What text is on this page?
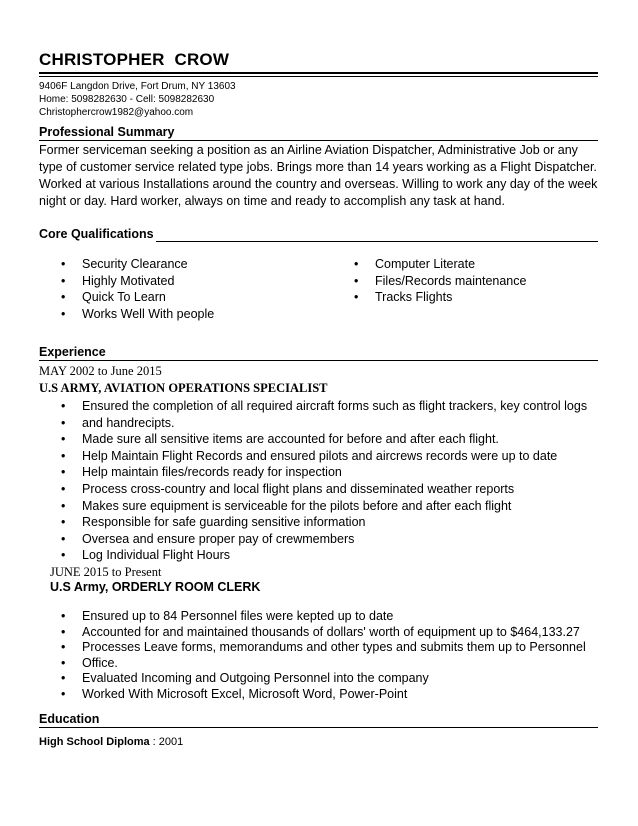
CHRISTOPHER  CROW
9406F Langdon Drive, Fort Drum, NY 13603
Home: 5098282630 - Cell: 5098282630
Christophercrow1982@yahoo.com
Professional Summary
Former serviceman seeking a position as an Airline Aviation Dispatcher, Administrative Job or any type of customer service related type jobs. Brings more than 14 years working as a Flight Dispatcher. Worked at various Installations around the country and overseas. Willing to work any day of the week night or day. Hard worker, always on time and ready to accomplish any task at hand.
Core Qualifications
•	Security Clearance
•	Highly Motivated
•	Quick To Learn
•	Works Well With people
•	Computer Literate
•	Files/Records maintenance
•	Tracks Flights
Experience
MAY 2002 to June 2015
U.S ARMY, AVIATION OPERATIONS SPECIALIST
•	Ensured the completion of all required aircraft forms such as flight trackers, key control logs
•	and handrecipts.
•	Made sure all sensitive items are accounted for before and after each flight.
•	Help Maintain Flight Records and ensured pilots and aircrews records were up to date
•	Help maintain files/records ready for inspection
•	Process cross-country and local flight plans and disseminated weather reports
•	Makes sure equipment is serviceable for the pilots before and after each flight
•	Responsible for safe guarding sensitive information
•	Oversea and ensure proper pay of crewmembers
•	Log Individual Flight Hours
JUNE 2015 to Present
U.S Army, ORDERLY ROOM CLERK
•	Ensured up to 84 Personnel files were kepted up to date
•	Accounted for and maintained thousands of dollars' worth of equipment up to $464,133.27
•	Processes Leave forms, memorandums and other types and submits them up to Personnel
•	Office.
•	Evaluated Incoming and Outgoing Personnel into the company
•	Worked With Microsoft Excel, Microsoft Word, Power-Point
Education
High School Diploma : 2001
